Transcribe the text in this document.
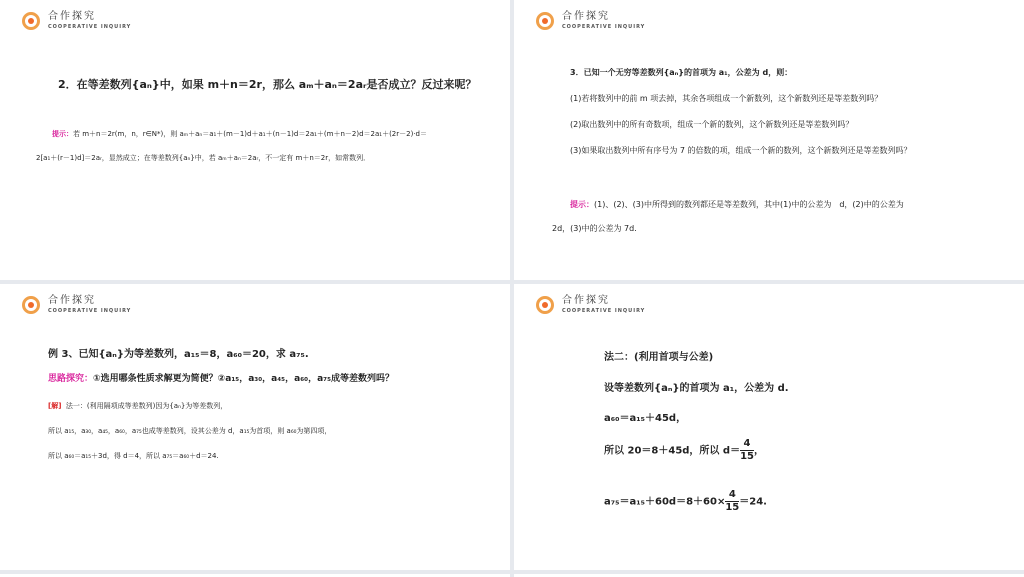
合作探究
COOPERATIVE INQUIRY
2．在等差数列{aₙ}中，如果 m＋n＝2r，那么 aₘ＋aₙ＝2aᵣ是否成立？反过来呢？
提示：若 m＋n＝2r(m，n，r∈N*)，则 aₘ＋aₙ＝a₁＋(m－1)d＋a₁＋(n－1)d＝2a₁＋(m＋n－2)d＝2a₁＋(2r－2)·d＝
2[a₁＋(r－1)d]＝2aᵣ，显然成立；在等差数列{aₙ}中，若 aₘ＋aₙ＝2aᵣ，不一定有 m＋n＝2r，如常数列．
合作探究
COOPERATIVE INQUIRY
3．已知一个无穷等差数列{aₙ}的首项为 a₁，公差为 d，则：
(1)若将数列中的前 m 项去掉，其余各项组成一个新数列，这个新数列还是等差数列吗？
(2)取出数列中的所有奇数项，组成一个新的数列，这个新数列还是等差数列吗？
(3)如果取出数列中所有序号为 7 的倍数的项，组成一个新的数列，这个新数列还是等差数列吗？
提示：(1)、(2)、(3)中所得到的数列都还是等差数列，其中(1)中的公差为　d，(2)中的公差为
2d，(3)中的公差为 7d.
合作探究
COOPERATIVE INQUIRY
例 3、已知{aₙ}为等差数列，a₁₅＝8，a₆₀＝20，求 a₇₅.
思路探究：①选用哪条性质求解更为简便？②a₁₅，a₃₀，a₄₅，a₆₀，a₇₅成等差数列吗？
[解] 法一：(利用隔项成等差数列)因为{aₙ}为等差数列，
所以 a₁₅，a₃₀，a₄₅，a₆₀，a₇₅也成等差数列，设其公差为 d，a₁₅为首项，则 a₆₀为第四项，
所以 a₆₀＝a₁₅＋3d，得 d＝4，所以 a₇₅＝a₆₀＋d＝24.
合作探究
COOPERATIVE INQUIRY
法二：(利用首项与公差)
设等差数列{aₙ}的首项为 a₁，公差为 d.
a₆₀＝a₁₅＋45d，
所以 20＝8＋45d，所以 $d= \frac{4}{15}$ ，
$a_{75}=a_{15}+60d=8+60\times \frac{4}{15} =24$.
